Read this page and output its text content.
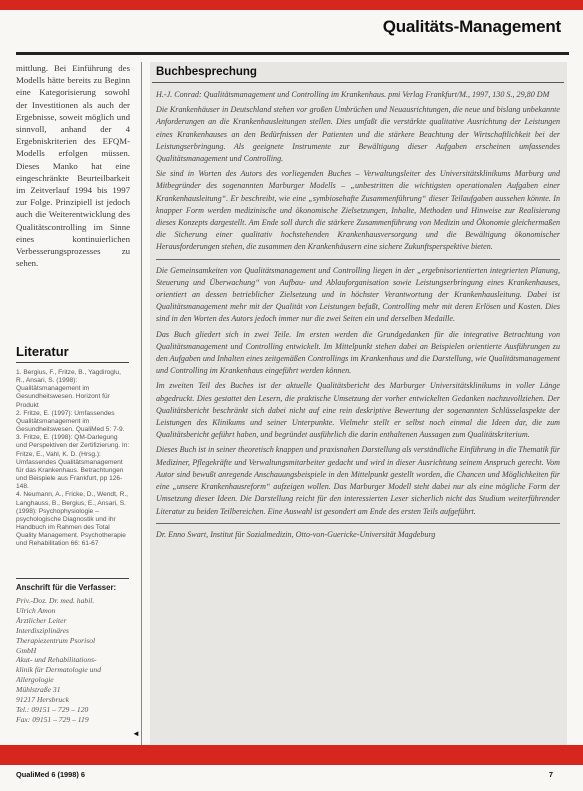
Qualitäts-Management

mittlung. Bei Einführung des Modells hätte bereits zu Beginn eine Kategorisierung sowohl der Investitionen als auch der Ergebnisse, soweit möglich und sinnvoll, anhand der 4 Ergebniskriterien des EFQM-Modells erfolgen müssen. Dieses Manko hat eine eingeschränkte Beurteilbarkeit im Zeitverlauf 1994 bis 1997 zur Folge. Prinzipiell ist jedoch auch die Weiterentwicklung des Qualitätscontrolling im Sinne eines kontinuierlichen Verbesserungsprozesses zu sehen.

Literatur

1. Bergius, F., Fritze, B., Yagdiroglu, R., Ansari, S. (1998): Qualitätsmanagement im Gesundheitswesen. Horizont für Produkt

2. Fritze, E. (1997): Umfassendes Qualitätsmanagement im Gesundheitswesen. QualiMed 5: 7-9.

3. Fritze, E. (1998): QM-Darlegung und Perspektiven der Zertifizierung. In: Fritze, E., Vahl, K. D. (Hrsg.): Umfassendes Qualitätsmanagement für das Krankenhaus. Betrachtungen und Beispiele aus Frankfurt, pp 126-148.

4. Neumann, A., Fricke, D., Wendt, R., Langhauss, B., Bergius, E., Ansari, S. (1998): Psychophysiologie – psychologische Diagnostik und ihr Handbuch im Rahmen des Total Quality Management. Psychotherapie und Rehabilitation 66: 61-67

Anschrift für die Verfasser:

Priv.-Doz. Dr. med. habil.

Ulrich Amon

Ärztlicher Leiter

Interdisziplinäres

Therapiezentrum Psorisol

GmbH

Akut- und Rehabilitations-

klinik für Dermatologie und

Allergologie

Mühlstraße 31

91217 Hersbruck

Tel.: 09151 – 729 – 120

Fax: 09151 – 729 – 119

◄
Buchbesprechung

H.-J. Conrad: Qualitätsmanagement und Controlling im Krankenhaus. pmi Verlag Frankfurt/M., 1997, 130 S., 29,80 DM

Die Krankenhäuser in Deutschland stehen vor großen Umbrüchen und Neuausrichtungen, die neue und bislang unbekannte Anforderungen an die Krankenhausleitungen stellen. Dies umfaßt die verstärkte qualitative Ausrichtung der Leistungen eines Krankenhauses an den Bedürfnissen der Patienten und die stärkere Beachtung der Wirtschaftlichkeit bei der Leistungserbringung. Als geeignete Instrumente zur Bewältigung dieser Aufgaben erscheinen umfassendes Qualitätsmanagement und Controlling.

Sie sind in Worten des Autors des vorliegenden Buches – Verwaltungsleiter des Universitätsklinikums Marburg und Mitbegründer des sogenannten Marburger Modells – „unbestritten die wichtigsten operationalen Aufgaben einer Krankenhausleitung“. Er beschreibt, wie eine „symbiosehafte Zusammenführung“ dieser Teilaufgaben aussehen könnte. In knapper Form werden medizinische und ökonomische Zielsetzungen, Inhalte, Methoden und Hinweise zur Realisierung dieses Konzepts dargestellt. Am Ende soll durch die stärkere Zusammenführung von Medizin und Ökonomie gleichermaßen die Sicherung einer qualitativ hochstehenden Krankenhausversorgung und die Bewältigung ökonomischer Herausforderungen stehen, die zusammen den Krankenhäusern eine sichere Zukunftsperspektive bieten.

Die Gemeinsamkeiten von Qualitätsmanagement und Controlling liegen in der „ergebnisorientierten integrierten Planung, Steuerung und Überwachung“ von Aufbau- und Ablauforganisation sowie Leistungserbringung eines Krankenhauses, orientiert an dessen betrieblicher Zielsetzung und in höchster Verantwortung der Krankenhausleitung. Dabei ist Qualitätsmanagement mehr mit der Qualität von Leistungen befaßt, Controlling mehr mit deren Erlösen und Kosten. Dies sind in den Worten des Autors jedoch immer nur die zwei Seiten ein und derselben Medaille.

Das Buch gliedert sich in zwei Teile. Im ersten werden die Grundgedanken für die integrative Betrachtung von Qualitätsmanagement und Controlling entwickelt. Im Mittelpunkt stehen dabei an Beispielen orientierte Ausführungen zu den Aufgaben und Inhalten eines zeitgemäßen Controllings im Krankenhaus und die Darstellung, wie Qualitätsmanagement und Controlling im Krankenhaus eingeführt werden können.

Im zweiten Teil des Buches ist der aktuelle Qualitätsbericht des Marburger Universitätsklinikums in voller Länge abgedruckt. Dies gestattet den Lesern, die praktische Umsetzung der vorher entwickelten Gedanken nachzuvollziehen. Der Qualitätsbericht beschränkt sich dabei nicht auf eine rein deskriptive Bewertung der sogenannten Schlüsselaspekte der Leistungen des Klinikums und seiner Unterpunkte. Vielmehr stellt er selbst noch einmal die Ideen dar, die zum Qualitätsbericht geführt haben, und begründet ausführlich die darin enthaltenen Aussagen zum Qualitätskriterium.

Dieses Buch ist in seiner theoretisch knappen und praxisnahen Darstellung als verständliche Einführung in die Thematik für Mediziner, Pflegekräfte und Verwaltungsmitarbeiter gedacht und wird in dieser Ausrichtung seinem Anspruch gerecht. Vom Autor sind bewußt anregende Anschauungsbeispiele in den Mittelpunkt gestellt worden, die Chancen und Möglichkeiten für eine „unsere Krankenhausreform“ aufzeigen wollen. Das Marburger Modell steht dabei nur als eine mögliche Form der Umsetzung dieser Ideen. Die Darstellung reicht für den interessierten Leser sicherlich nicht das Studium weiterführender Literatur zu beiden Teilbereichen. Eine Auswahl ist gesondert am Ende des ersten Teils aufgeführt.

Dr. Enno Swart, Institut für Sozialmedizin, Otto-von-Guericke-Universität Magdeburg

QualiMed 6 (1998) 6	7
